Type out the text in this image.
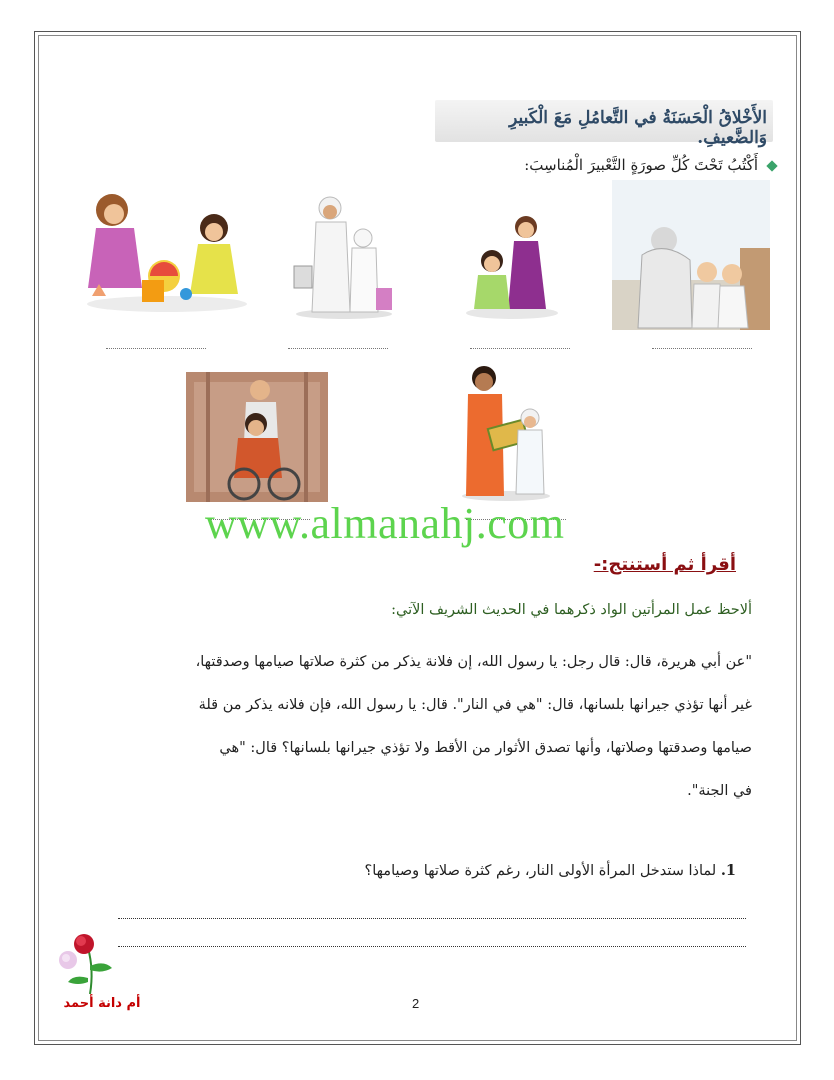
الأَخْلاقُ الْحَسَنَةُ في التَّعامُلِ مَعَ الْكَبيرِ وَالضَّعيفِ.
أَكْتُبُ تَحْتَ كُلِّ صورَةٍ التَّعْبيرَ الْمُناسِبَ:
www.almanahj.com
أقرأ ثم أستنتج:-
ألاحظ عمل المرأتين الواد ذكرهما في الحديث الشريف الآتي:
"عن أبي هريرة، قال: قال رجل: يا رسول الله، إن فلانة يذكر من كثرة صلاتها صيامها وصدقتها،
غير أنها تؤذي جيرانها بلسانها، قال: "هي في النار". قال: يا رسول الله، فإن فلانه يذكر من قلة
صيامها وصدقتها وصلاتها، وأنها تصدق الأثوار من الأقط ولا تؤذي جيرانها بلسانها؟ قال: "هي
في الجنة".
1. لماذا ستدخل المرأة الأولى النار، رغم كثرة صلاتها وصيامها؟
أم دانة أحمد	2
